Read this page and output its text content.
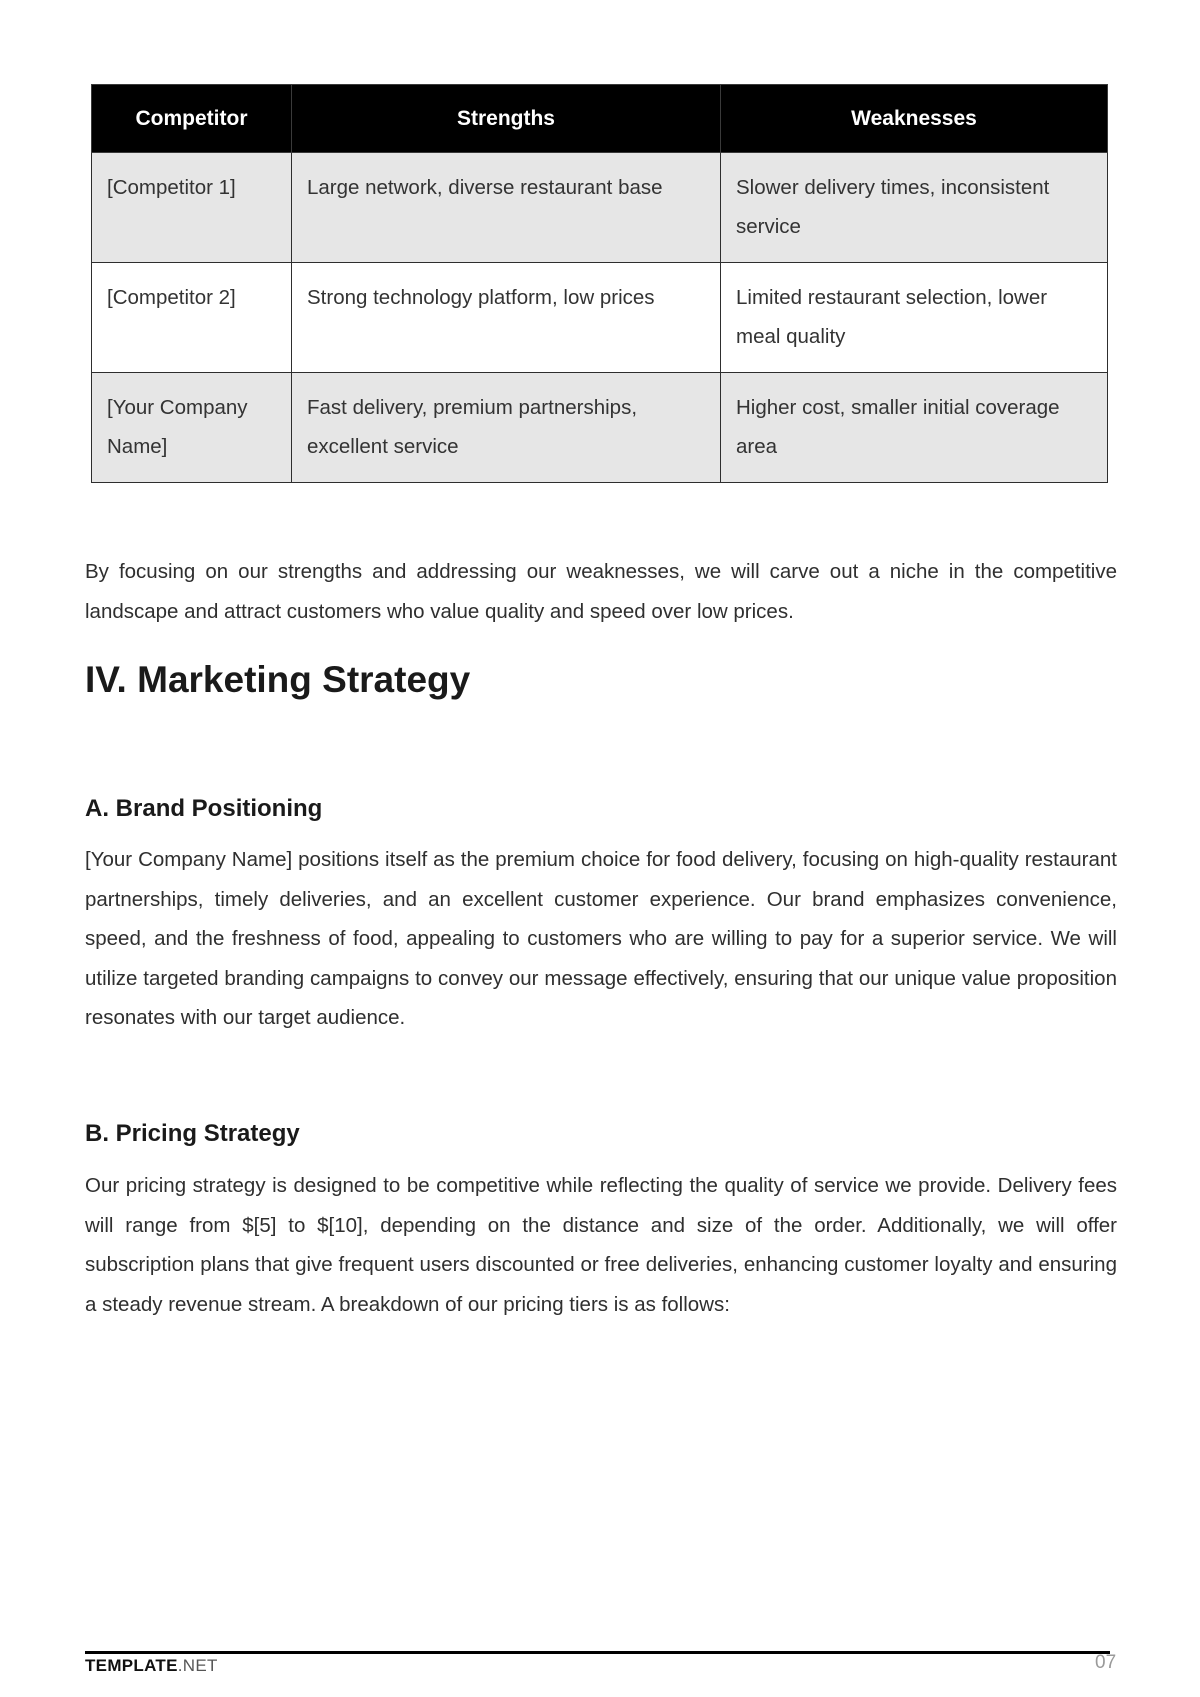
Competitor	Strengths	Weaknesses
[Competitor 1]	Large network, diverse restaurant base	Slower delivery times, inconsistent service
[Competitor 2]	Strong technology platform, low prices	Limited restaurant selection, lower meal quality
[Your Company Name]	Fast delivery, premium partnerships, excellent service	Higher cost, smaller initial coverage area

By focusing on our strengths and addressing our weaknesses, we will carve out a niche in the competitive landscape and attract customers who value quality and speed over low prices.

IV. Marketing Strategy
A. Brand Positioning

[Your Company Name] positions itself as the premium choice for food delivery, focusing on high-quality restaurant partnerships, timely deliveries, and an excellent customer experience. Our brand emphasizes convenience, speed, and the freshness of food, appealing to customers who are willing to pay for a superior service. We will utilize targeted branding campaigns to convey our message effectively, ensuring that our unique value proposition resonates with our target audience.

B. Pricing Strategy

Our pricing strategy is designed to be competitive while reflecting the quality of service we provide. Delivery fees will range from $[5] to $[10], depending on the distance and size of the order. Additionally, we will offer subscription plans that give frequent users discounted or free deliveries, enhancing customer loyalty and ensuring a steady revenue stream. A breakdown of our pricing tiers is as follows:

TEMPLATE.NET	07
